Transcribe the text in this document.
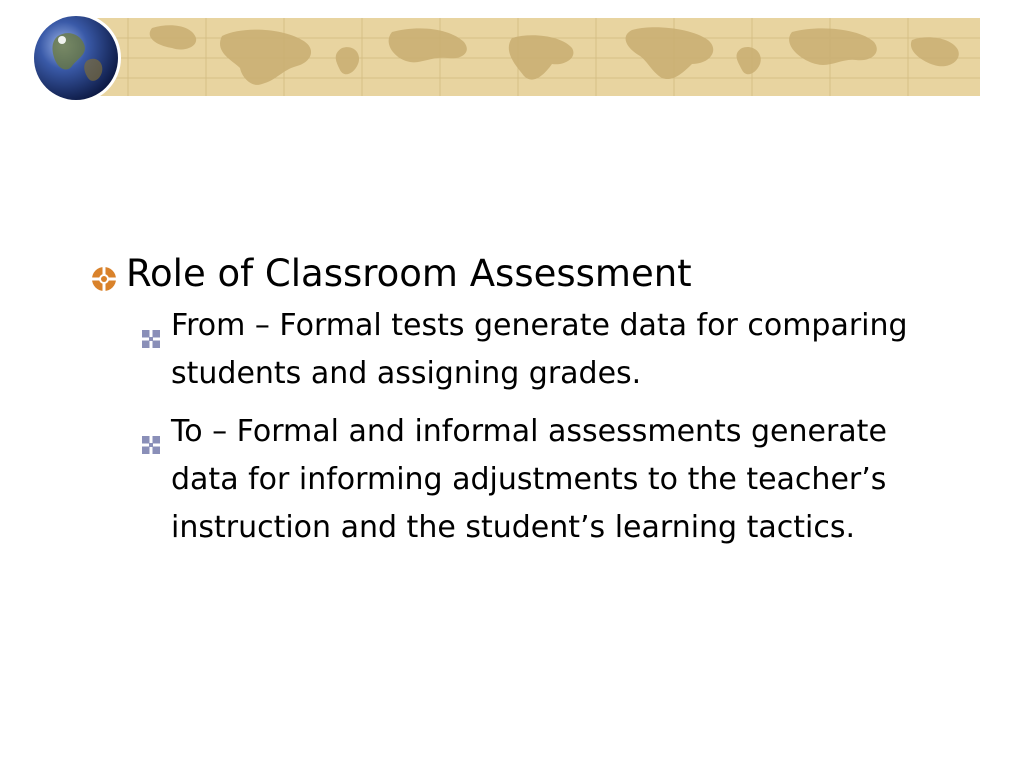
Role of Classroom Assessment
From – Formal tests generate data for comparing students and assigning grades.
To – Formal and informal assessments generate data for informing adjustments to the teacher’s instruction and the student’s learning tactics.
